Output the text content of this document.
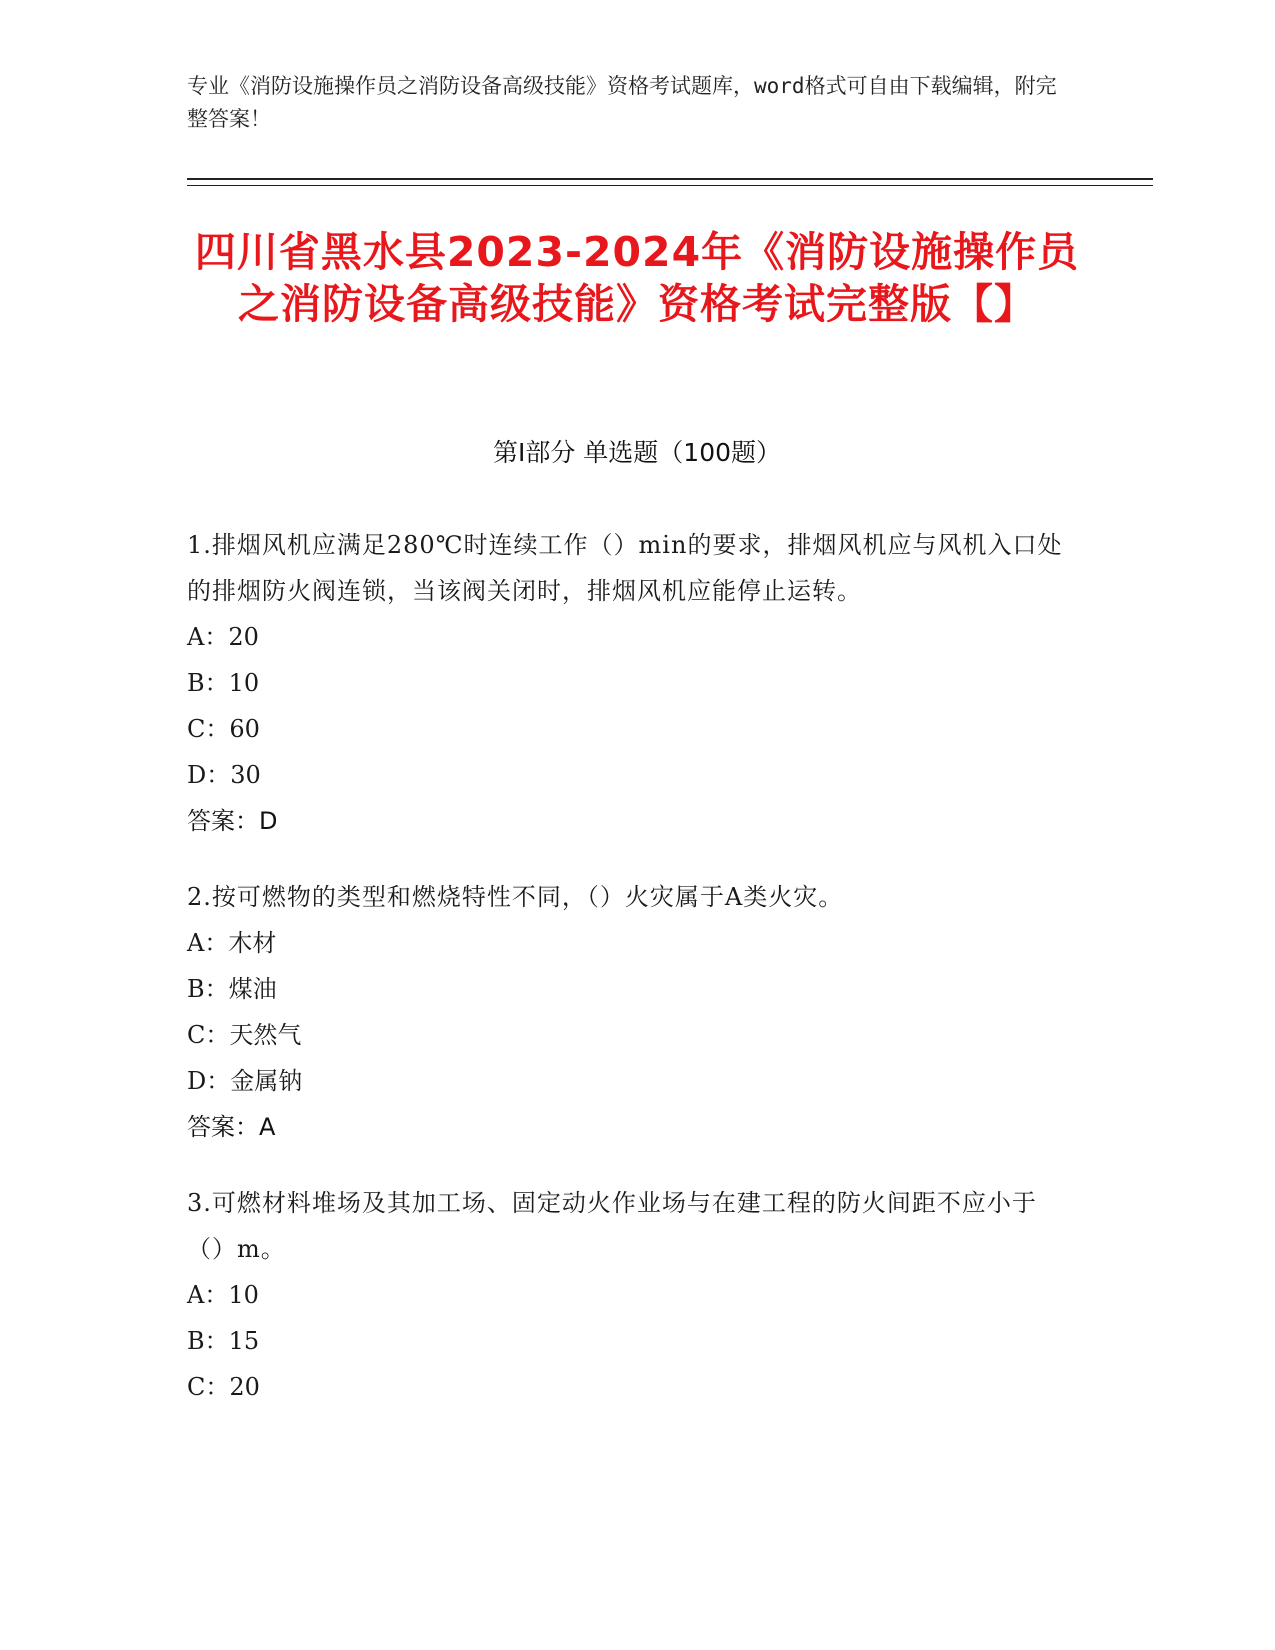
专业《消防设施操作员之消防设备高级技能》资格考试题库，word格式可自由下载编辑，附完整答案！
四川省黑水县2023-2024年《消防设施操作员之消防设备高级技能》资格考试完整版【】
第I部分 单选题（100题）
1.排烟风机应满足280℃时连续工作（）min的要求，排烟风机应与风机入口处的排烟防火阀连锁，当该阀关闭时，排烟风机应能停止运转。
A：20
B：10
C：60
D：30
答案：D
2.按可燃物的类型和燃烧特性不同，（）火灾属于A类火灾。
A：木材
B：煤油
C：天然气
D：金属钠
答案：A
3.可燃材料堆场及其加工场、固定动火作业场与在建工程的防火间距不应小于（）m。
A：10
B：15
C：20
